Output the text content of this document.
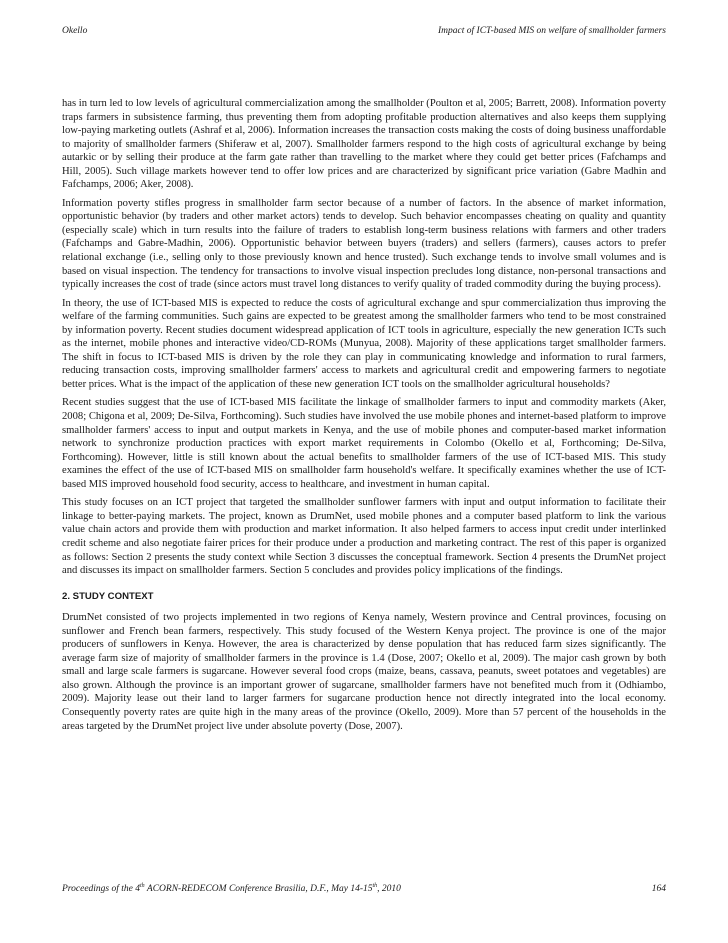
Okello	Impact of ICT-based MIS on welfare of smallholder farmers

has in turn led to low levels of agricultural commercialization among the smallholder (Poulton et al, 2005; Barrett, 2008). Information poverty traps farmers in subsistence farming, thus preventing them from adopting profitable production alternatives and also keeps them supplying low-paying marketing outlets (Ashraf et al, 2006). Information increases the transaction costs making the costs of doing business unaffordable to majority of smallholder farmers (Shiferaw et al, 2007). Smallholder farmers respond to the high costs of agricultural exchange by being autarkic or by selling their produce at the farm gate rather than travelling to the market where they could get better prices (Fafchamps and Hill, 2005). Such village markets however tend to offer low prices and are characterized by significant price variation (Gabre Madhin and Fafchamps, 2006; Aker, 2008).

Information poverty stifles progress in smallholder farm sector because of a number of factors. In the absence of market information, opportunistic behavior (by traders and other market actors) tends to develop. Such behavior encompasses cheating on quality and quantity (especially scale) which in turn results into the failure of traders to establish long-term business relations with farmers and other traders (Fafchamps and Gabre-Madhin, 2006). Opportunistic behavior between buyers (traders) and sellers (farmers), causes actors to prefer relational exchange (i.e., selling only to those previously known and hence trusted). Such exchange tends to involve small volumes and is based on visual inspection. The tendency for transactions to involve visual inspection precludes long distance, non-personal transactions and typically increases the cost of trade (since actors must travel long distances to verify quality of traded commodity during the buying process).

In theory, the use of ICT-based MIS is expected to reduce the costs of agricultural exchange and spur commercialization thus improving the welfare of the farming communities. Such gains are expected to be greatest among the smallholder farmers who tend to be most constrained by information poverty. Recent studies document widespread application of ICT tools in agriculture, especially the new generation ICTs such as the internet, mobile phones and interactive video/CD-ROMs (Munyua, 2008). Majority of these applications target smallholder farmers. The shift in focus to ICT-based MIS is driven by the role they can play in communicating knowledge and information to rural farmers, reducing transaction costs, improving smallholder farmers' access to markets and agricultural credit and empowering farmers to negotiate better prices. What is the impact of the application of these new generation ICT tools on the smallholder agricultural households?

Recent studies suggest that the use of ICT-based MIS facilitate the linkage of smallholder farmers to input and commodity markets (Aker, 2008; Chigona et al, 2009; De-Silva, Forthcoming). Such studies have involved the use mobile phones and internet-based platform to improve smallholder farmers' access to input and output markets in Kenya, and the use of mobile phones and computer-based market information network to synchronize production practices with export market requirements in Colombo (Okello et al, Forthcoming; De-Silva, Forthcoming). However, little is still known about the actual benefits to smallholder farmers of the use of ICT-based MIS. This study examines the effect of the use of ICT-based MIS on smallholder farm household's welfare. It specifically examines whether the use of ICT-based MIS improved household food security, access to healthcare, and investment in human capital.

This study focuses on an ICT project that targeted the smallholder sunflower farmers with input and output information to facilitate their linkage to better-paying markets. The project, known as DrumNet, used mobile phones and a computer based platform to link the various value chain actors and provide them with production and market information. It also helped farmers to access input credit under interlinked credit scheme and also negotiate fairer prices for their produce under a production and marketing contract. The rest of this paper is organized as follows: Section 2 presents the study context while Section 3 discusses the conceptual framework. Section 4 presents the DrumNet project and discusses its impact on smallholder farmers. Section 5 concludes and provides policy implications of the findings.

2. STUDY CONTEXT

DrumNet consisted of two projects implemented in two regions of Kenya namely, Western province and Central provinces, focusing on sunflower and French bean farmers, respectively. This study focused of the Western Kenya project. The province is one of the major producers of sunflowers in Kenya. However, the area is characterized by dense population that has reduced farm sizes significantly. The average farm size of majority of smallholder farmers in the province is 1.4 (Dose, 2007; Okello et al, 2009). The major cash grown by both small and large scale farmers is sugarcane. However several food crops (maize, beans, cassava, peanuts, sweet potatoes and vegetables) are also grown. Although the province is an important grower of sugarcane, smallholder farmers have not benefited much from it (Odhiambo, 2009). Majority lease out their land to larger farmers for sugarcane production hence not directly integrated into the local economy. Consequently poverty rates are quite high in the many areas of the province (Okello, 2009). More than 57 percent of the households in the areas targeted by the DrumNet project live under absolute poverty (Dose, 2007).

Proceedings of the 4th ACORN-REDECOM Conference Brasilia, D.F., May 14-15th, 2010	164
